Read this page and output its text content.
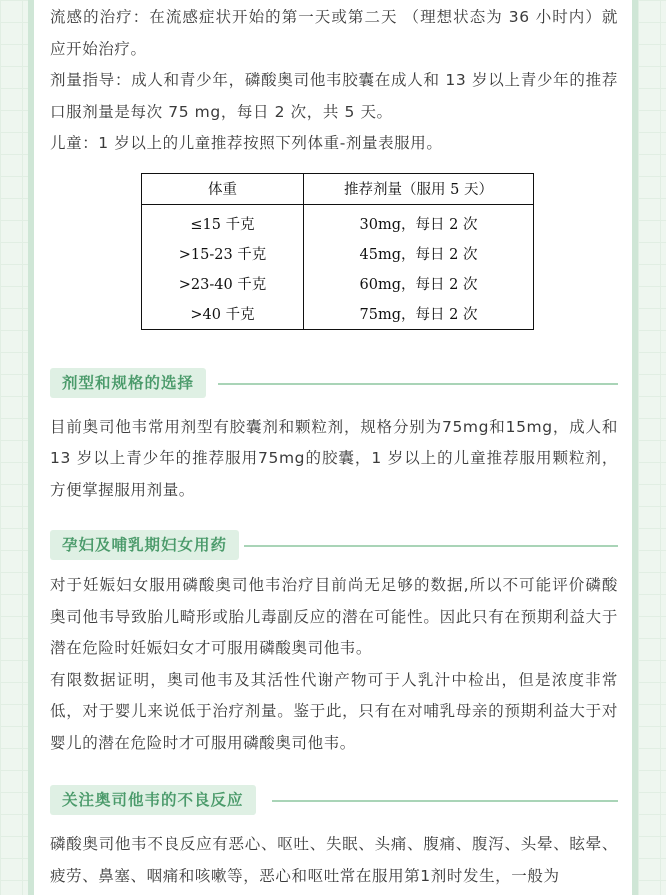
流感的治疗：在流感症状开始的第一天或第二天 （理想状态为 36 小时内）就应开始治疗。

剂量指导：成人和青少年，磷酸奥司他韦胶囊在成人和 13 岁以上青少年的推荐口服剂量是每次 75 mg，每日 2 次，共 5 天。

儿童：1 岁以上的儿童推荐按照下列体重-剂量表服用。

体重	推荐剂量（服用 5 天）
≤15 千克	30mg，每日 2 次
>15-23 千克	45mg，每日 2 次
>23-40 千克	60mg，每日 2 次
>40 千克	75mg，每日 2 次
剂型和规格的选择

目前奥司他韦常用剂型有胶囊剂和颗粒剂，规格分别为75mg和15mg，成人和 13 岁以上青少年的推荐服用75mg的胶囊，1 岁以上的儿童推荐服用颗粒剂，方便掌握服用剂量。

孕妇及哺乳期妇女用药

对于妊娠妇女服用磷酸奥司他韦治疗目前尚无足够的数据,所以不可能评价磷酸奥司他韦导致胎儿畸形或胎儿毒副反应的潜在可能性。因此只有在预期利益大于潜在危险时妊娠妇女才可服用磷酸奥司他韦。

有限数据证明，奥司他韦及其活性代谢产物可于人乳汁中检出，但是浓度非常低，对于婴儿来说低于治疗剂量。鉴于此，只有在对哺乳母亲的预期利益大于对婴儿的潜在危险时才可服用磷酸奥司他韦。

关注奥司他韦的不良反应

磷酸奥司他韦不良反应有恶心、呕吐、失眠、头痛、腹痛、腹泻、头晕、眩晕、疲劳、鼻塞、咽痛和咳嗽等，恶心和呕吐常在服用第1剂时发生，一般为
